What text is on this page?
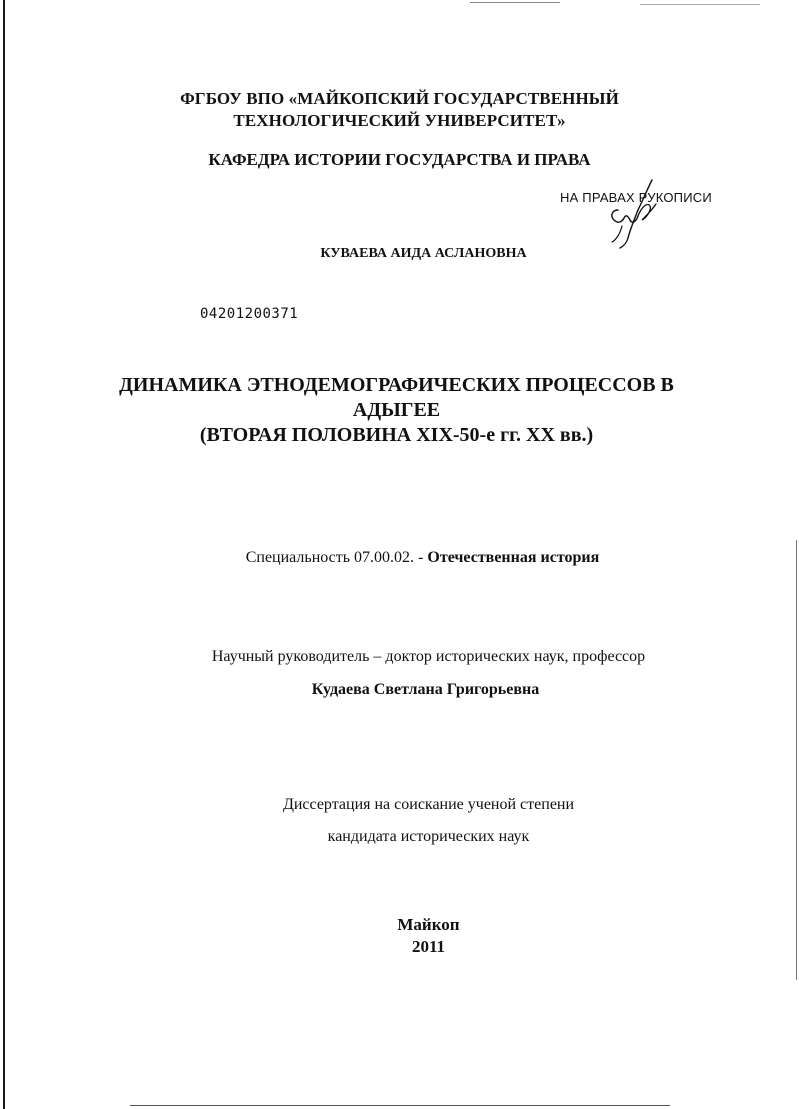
ФГБОУ ВПО «МАЙКОПСКИЙ ГОСУДАРСТВЕННЫЙ
ТЕХНОЛОГИЧЕСКИЙ УНИВЕРСИТЕТ»
КАФЕДРА ИСТОРИИ ГОСУДАРСТВА И ПРАВА
НА ПРАВАХ РУКОПИСИ
КУВАЕВА АИДА АСЛАНОВНА
04201200371
ДИНАМИКА ЭТНОДЕМОГРАФИЧЕСКИХ ПРОЦЕССОВ В
АДЫГЕЕ
(ВТОРАЯ ПОЛОВИНА XIX-50-е гг. XX вв.)
Специальность 07.00.02. - Отечественная история
Научный руководитель – доктор исторических наук, профессор
Кудаева Светлана Григорьевна
Диссертация на соискание ученой степени
кандидата исторических наук
Майкоп
2011
